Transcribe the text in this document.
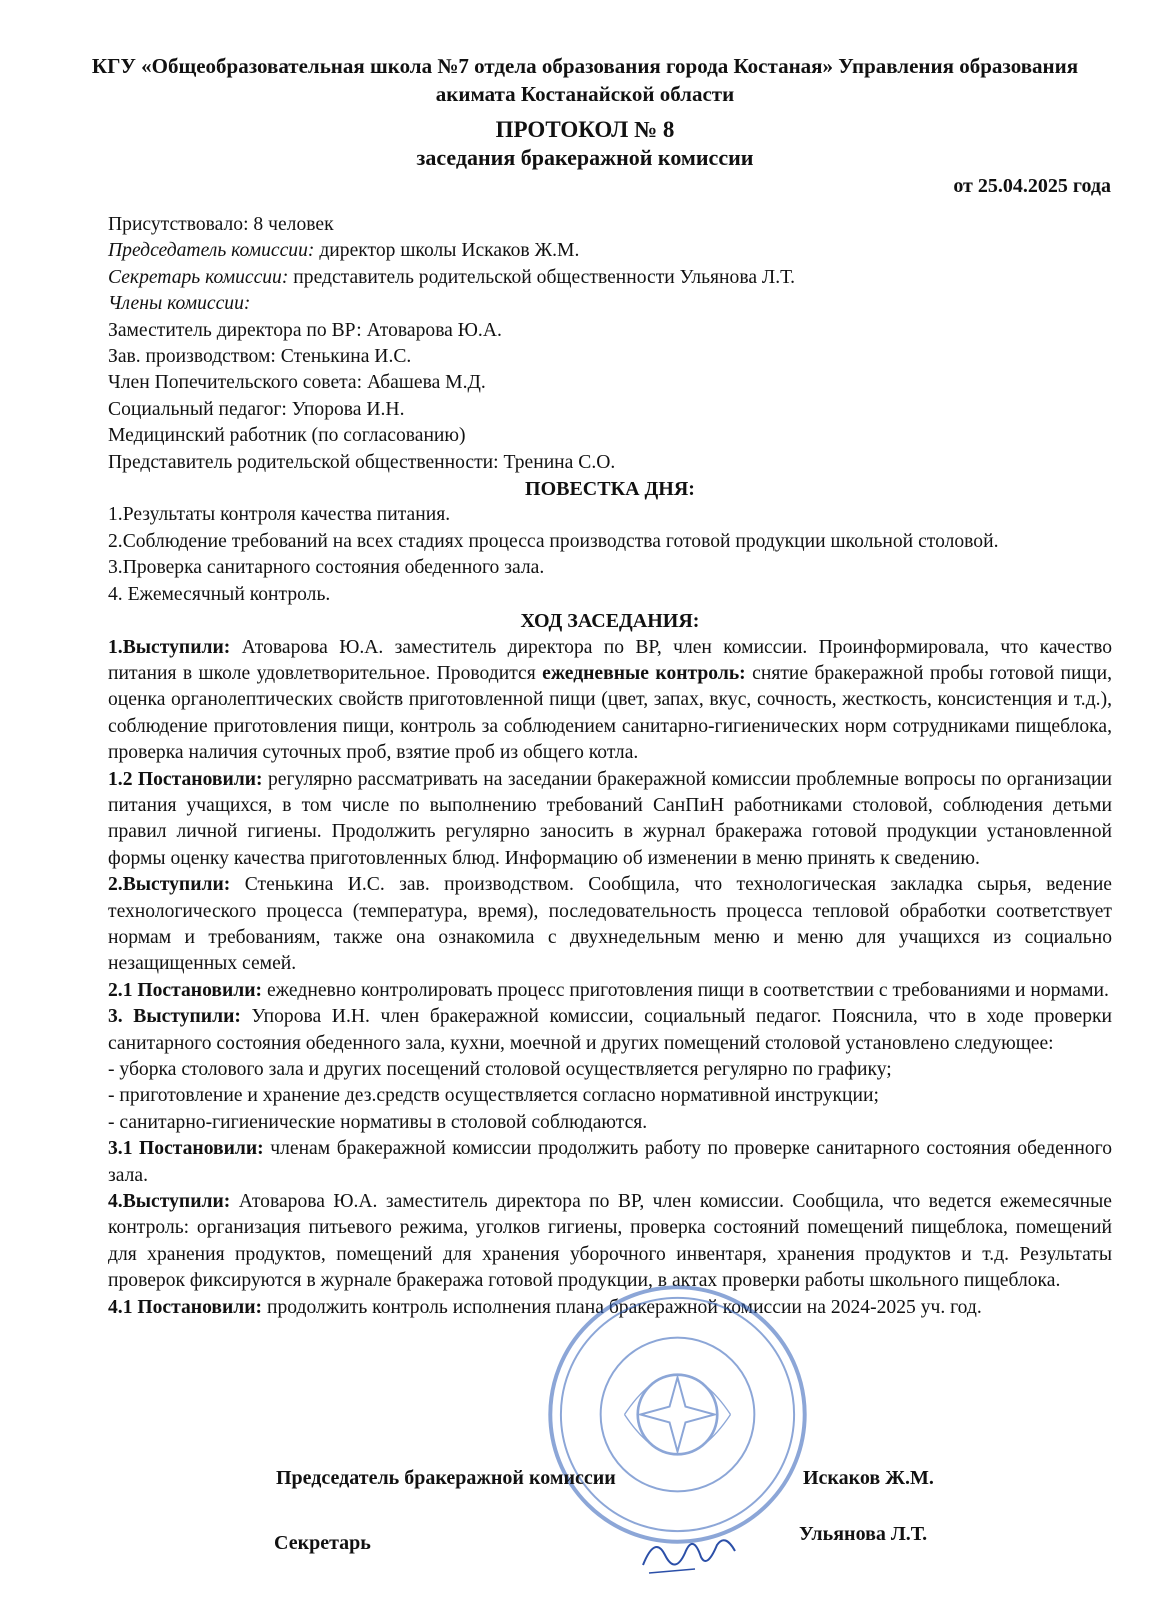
КГУ «Общеобразовательная школа №7 отдела образования города Костаная» Управления образования акимата Костанайской области
ПРОТОКОЛ № 8
заседания бракеражной комиссии
от 25.04.2025 года
Присутствовало: 8 человек
Председатель комиссии: директор школы Искаков Ж.М.
Секретарь комиссии: представитель родительской общественности Ульянова Л.Т.
Члены комиссии:
Заместитель директора по ВР: Атоварова Ю.А.
Зав. производством: Стенькина И.С.
Член Попечительского совета: Абашева М.Д.
Социальный педагог: Упорова И.Н.
Медицинский работник (по согласованию)
Представитель родительской общественности: Тренина С.О.
ПОВЕСТКА ДНЯ:
1.Результаты контроля качества питания.
2.Соблюдение требований на всех стадиях процесса производства готовой продукции школьной столовой.
3.Проверка санитарного состояния обеденного зала.
4. Ежемесячный контроль.
ХОД ЗАСЕДАНИЯ:
1.Выступили: Атоварова Ю.А. заместитель директора по ВР, член комиссии. Проинформировала, что качество питания в школе удовлетворительное. Проводится ежедневные контроль: снятие бракеражной пробы готовой пищи, оценка органолептических свойств приготовленной пищи (цвет, запах, вкус, сочность, жесткость, консистенция и т.д.), соблюдение приготовления пищи, контроль за соблюдением санитарно-гигиенических норм сотрудниками пищеблока, проверка наличия суточных проб, взятие проб из общего котла.
1.2 Постановили: регулярно рассматривать на заседании бракеражной комиссии проблемные вопросы по организации питания учащихся, в том числе по выполнению требований СанПиН работниками столовой, соблюдения детьми правил личной гигиены. Продолжить регулярно заносить в журнал бракеража готовой продукции установленной формы оценку качества приготовленных блюд. Информацию об изменении в меню принять к сведению.
2.Выступили: Стенькина И.С. зав. производством. Сообщила, что технологическая закладка сырья, ведение технологического процесса (температура, время), последовательность процесса тепловой обработки соответствует нормам и требованиям, также она ознакомила с двухнедельным меню и меню для учащихся из социально незащищенных семей.
2.1 Постановили: ежедневно контролировать процесс приготовления пищи в соответствии с требованиями и нормами.
3. Выступили: Упорова И.Н. член бракеражной комиссии, социальный педагог. Пояснила, что в ходе проверки санитарного состояния обеденного зала, кухни, моечной и других помещений столовой установлено следующее:
- уборка столового зала и других посещений столовой осуществляется регулярно по графику;
- приготовление и хранение дез.средств осуществляется согласно нормативной инструкции;
- санитарно-гигиенические нормативы в столовой соблюдаются.
3.1 Постановили: членам бракеражной комиссии продолжить работу по проверке санитарного состояния обеденного зала.
4.Выступили: Атоварова Ю.А. заместитель директора по ВР, член комиссии. Сообщила, что ведется ежемесячные контроль: организация питьевого режима, уголков гигиены, проверка состояний помещений пищеблока, помещений для хранения продуктов, помещений для хранения уборочного инвентаря, хранения продуктов и т.д. Результаты проверок фиксируются в журнале бракеража готовой продукции, в актах проверки работы школьного пищеблока.
4.1 Постановили: продолжить контроль исполнения плана бракеражной комиссии на 2024-2025 уч. год.
Председатель бракеражной комиссии	Искаков Ж.М.
Секретарь	Ульянова Л.Т.
